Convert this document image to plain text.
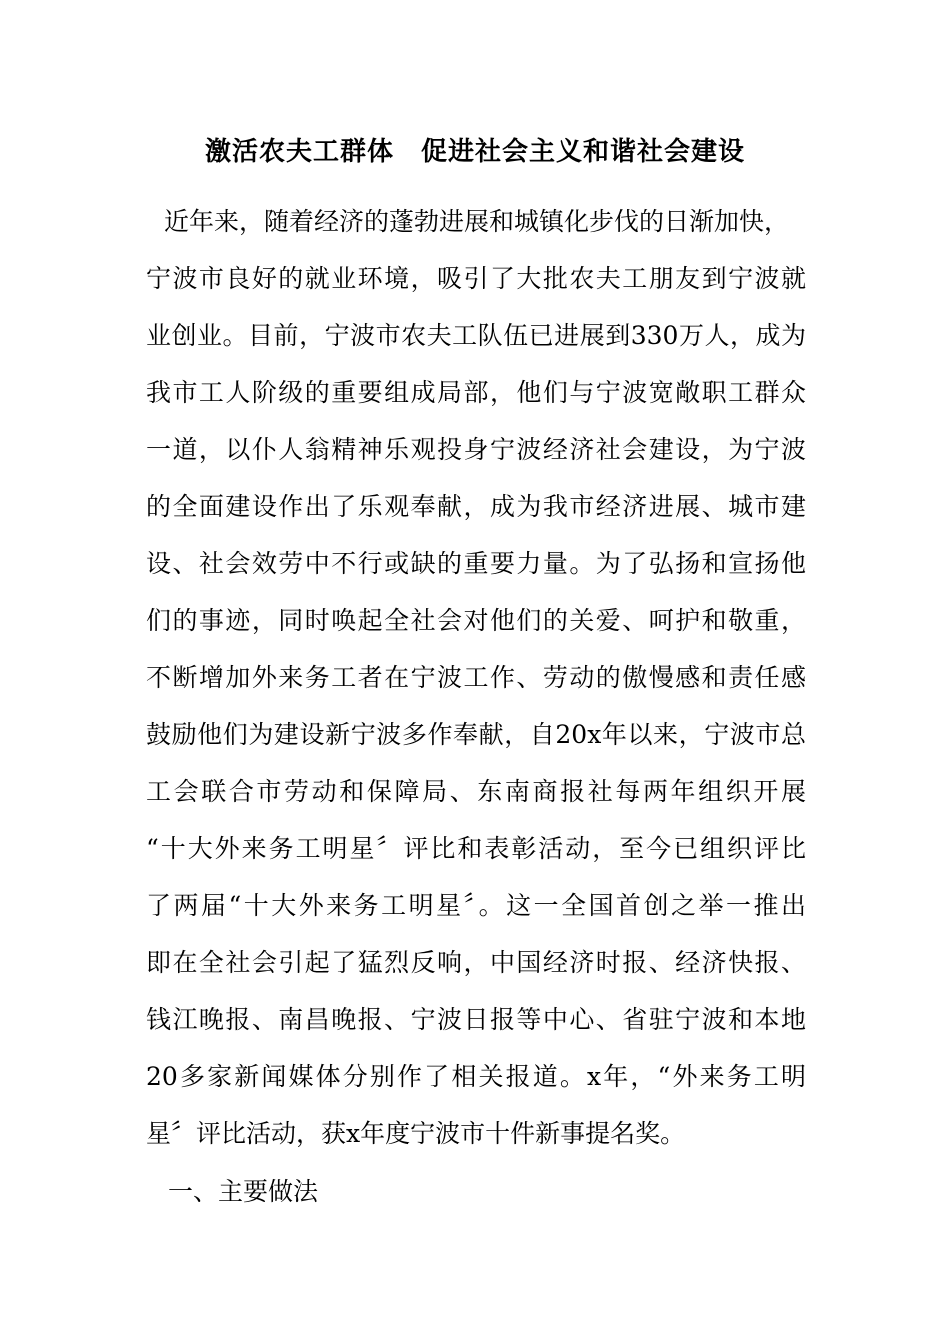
激活农夫工群体　促进社会主义和谐社会建设
近年来，随着经济的蓬勃进展和城镇化步伐的日渐加快，
宁波市良好的就业环境，吸引了大批农夫工朋友到宁波就
业创业。目前，宁波市农夫工队伍已进展到330万人，成为
我市工人阶级的重要组成局部，他们与宁波宽敞职工群众
一道，以仆人翁精神乐观投身宁波经济社会建设，为宁波
的全面建设作出了乐观奉献，成为我市经济进展、城市建
设、社会效劳中不行或缺的重要力量。为了弘扬和宣扬他
们的事迹，同时唤起全社会对他们的关爱、呵护和敬重，
不断增加外来务工者在宁波工作、劳动的傲慢感和责任感
鼓励他们为建设新宁波多作奉献，自20x年以来，宁波市总
工会联合市劳动和保障局、东南商报社每两年组织开展
“十大外来务工明星〞评比和表彰活动，至今已组织评比
了两届“十大外来务工明星〞。这一全国首创之举一推出
即在全社会引起了猛烈反响，中国经济时报、经济快报、
钱江晚报、南昌晚报、宁波日报等中心、省驻宁波和本地
20多家新闻媒体分别作了相关报道。x年，“外来务工明
星〞评比活动，获x年度宁波市十件新事提名奖。
一、主要做法
